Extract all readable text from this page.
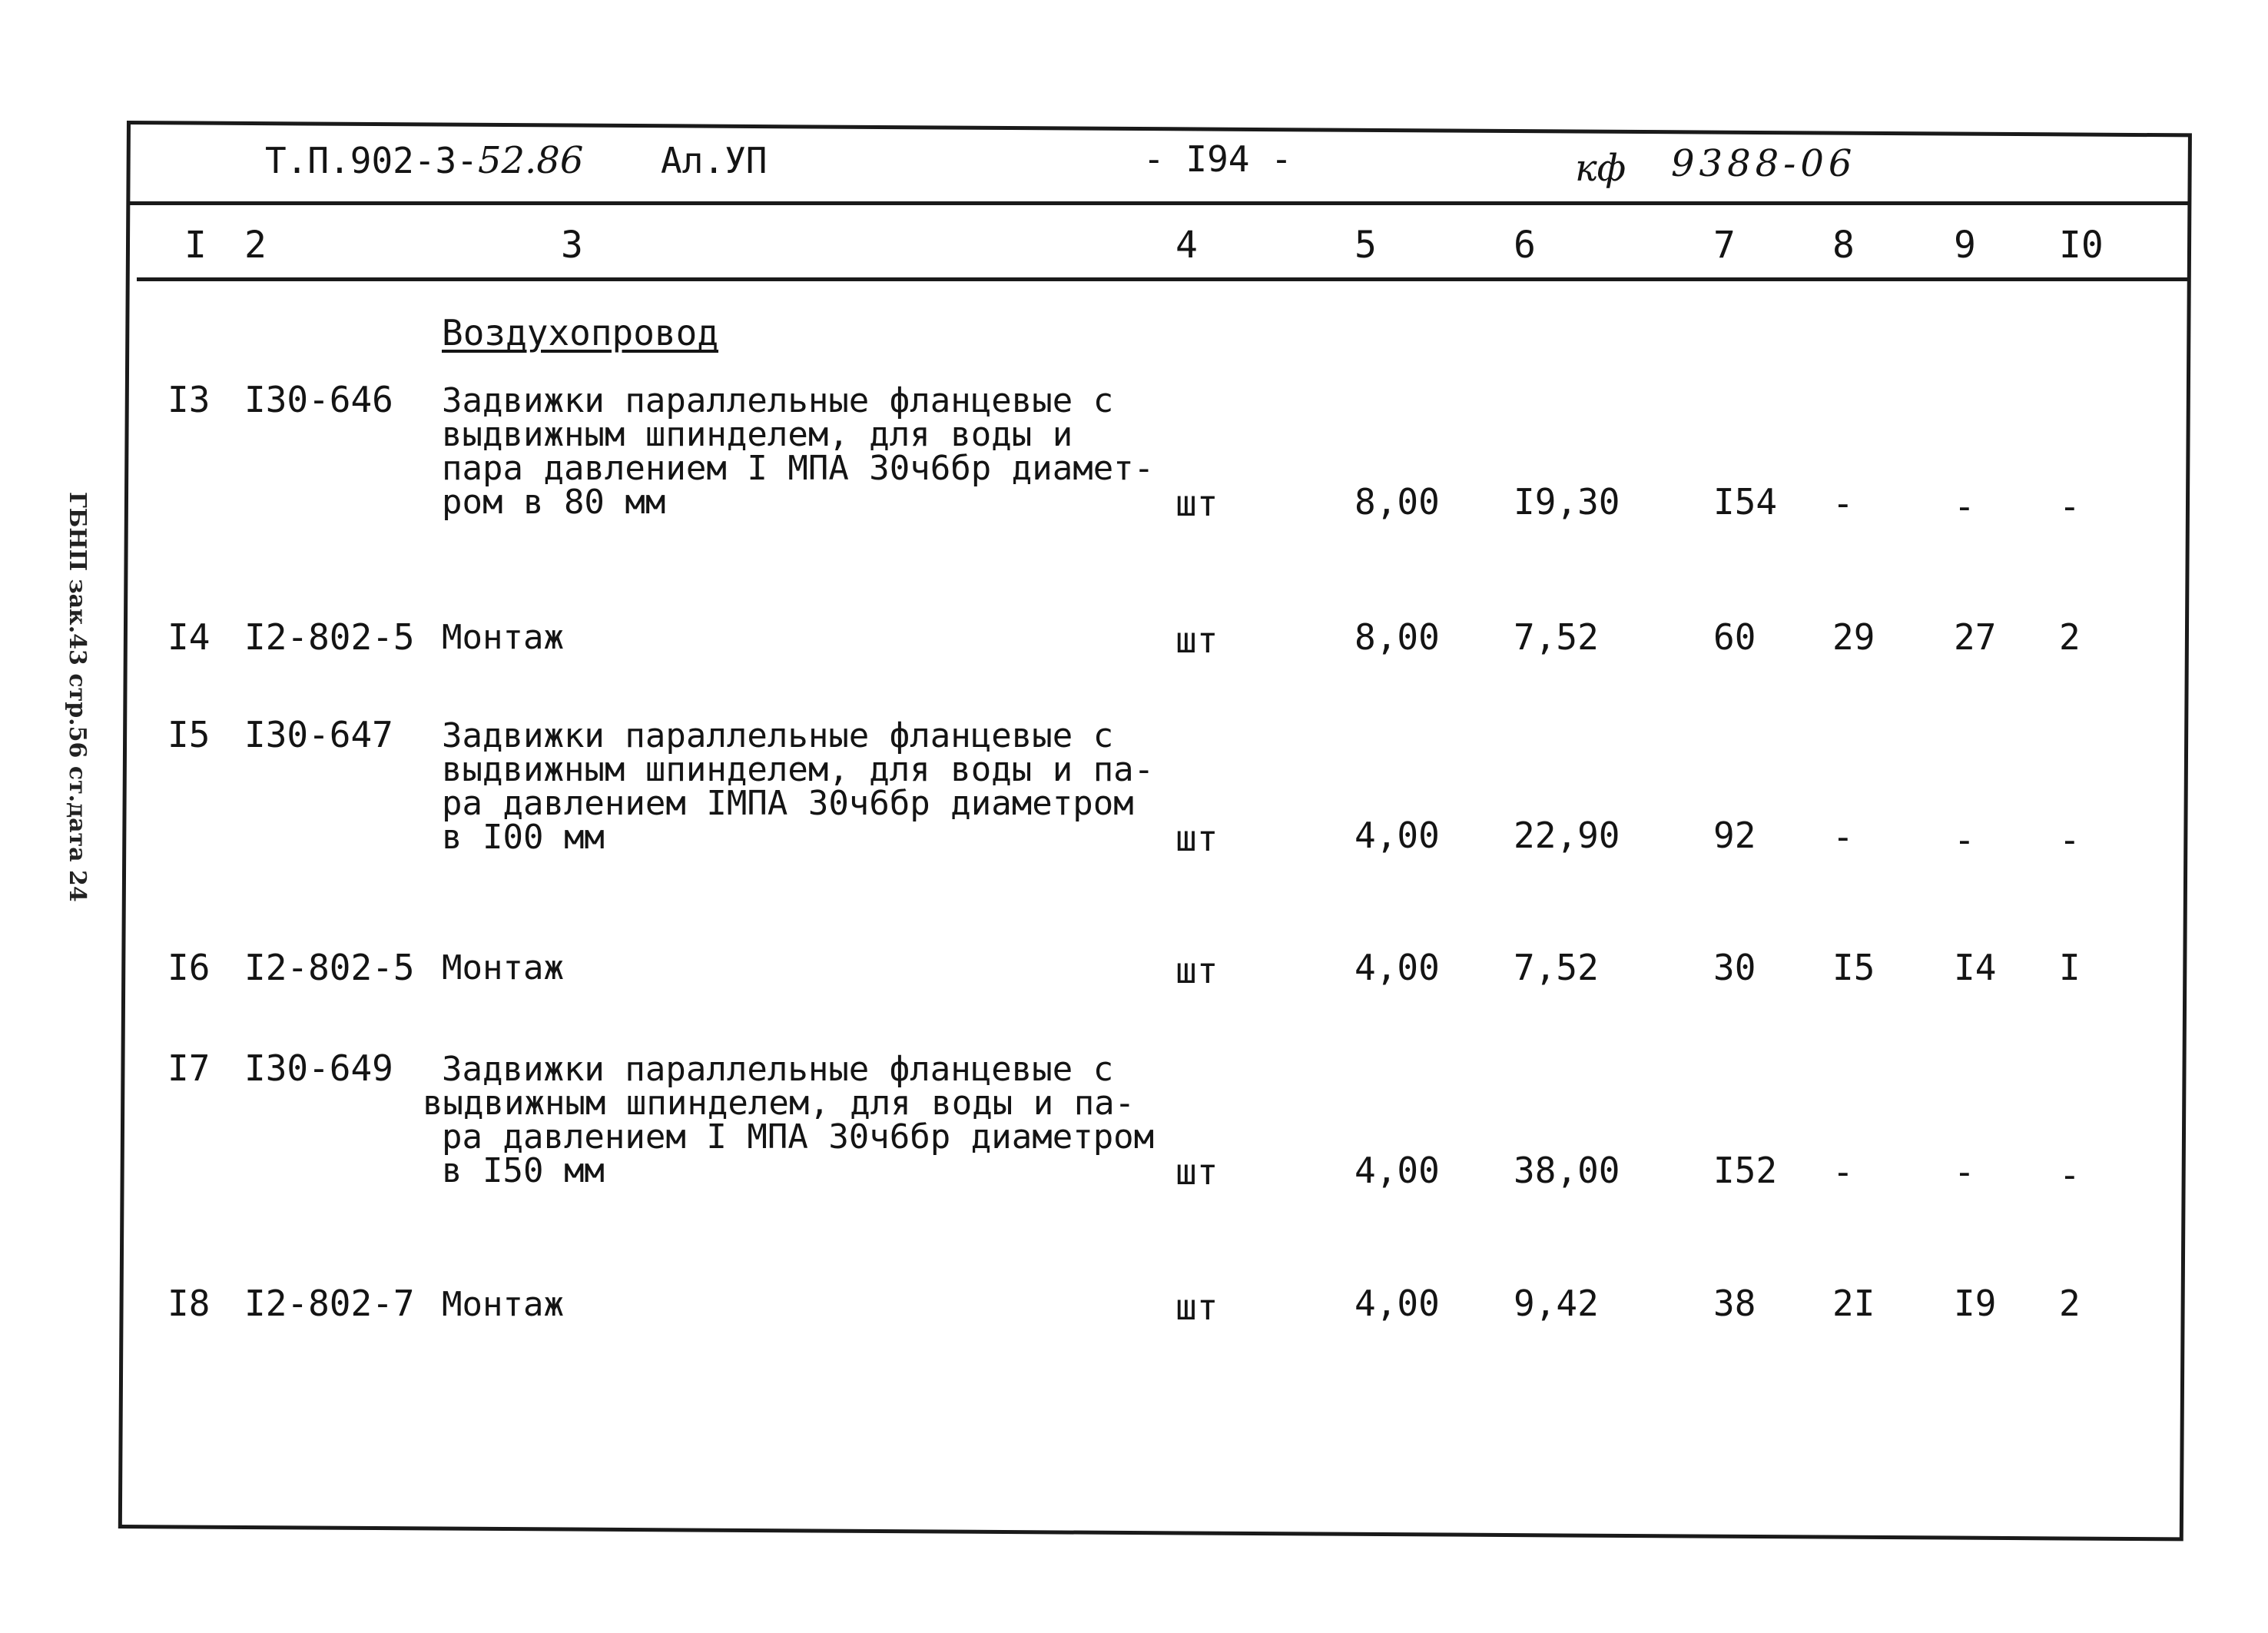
ГБНП зак.43 стр.56 ст.дата 24
Т.П.902-3-52.86 Ал.УП	- I94 -	кф 9388-06
I 2	3	4	5	6	7	8	9 I0
Воздухопровод
I3 I30-646 Задвижки параллельные фланцевые с
выдвижным шпинделем, для воды и
пара давлением I МПА 30ч6бр диамет-
ром в 80 мм	шт	8,00 I9,30	I54 -	- -
I4 I2-802-5 Монтаж	шт	8,00 7,52	60 29 27 2
I5 I30-647 Задвижки параллельные фланцевые с
выдвижным шпинделем, для воды и па-
ра давлением IМПА 30ч6бр диаметром
в I00 мм	шт	4,00 22,90	92 -	- -
I6 I2-802-5 Монтаж	шт	4,00 7,52	30 I5 I4 I
I7 I30-649 Задвижки параллельные фланцевые с
выдвижным шпинделем, для воды и па-
ра давлением I МПА 30ч6бр диаметром
в I50 мм	шт	4,00 38,00	I52 -	- -
I8 I2-802-7 Монтаж	шт	4,00 9,42	38 2I I9 2
